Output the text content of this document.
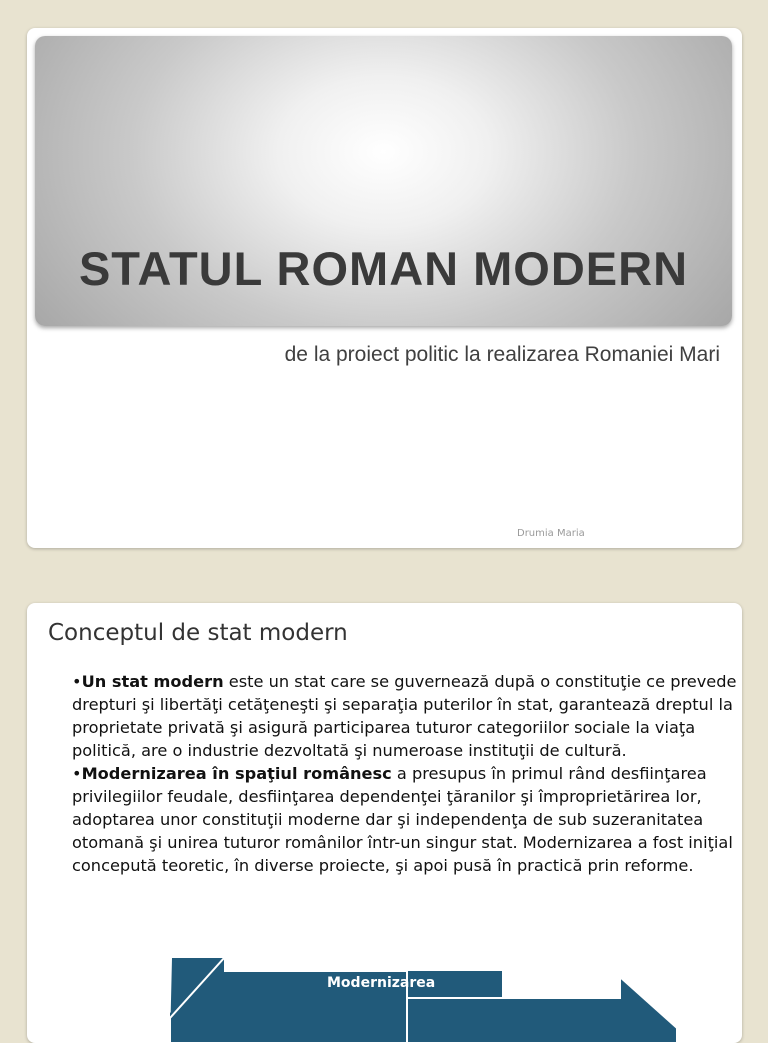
STATUL ROMAN MODERN

de la proiect politic la realizarea Romaniei Mari

Drumia Maria

Conceptul de stat modern

•Un stat modern este un stat care se guvernează după o constituţie ce prevede drepturi şi libertăţi cetăţeneşti şi separaţia puterilor în stat, garantează dreptul la proprietate privată şi asigură participarea tuturor categoriilor sociale la viaţa politică, are o industrie dezvoltată şi numeroase instituţii de cultură.

•Modernizarea în spaţiul românesc a presupus în primul rând desfiinţarea privilegiilor feudale, desfiinţarea dependenţei ţăranilor şi împroprietărirea lor, adoptarea unor constituţii moderne dar şi independenţa de sub suzeranitatea otomană şi unirea tuturor românilor într-un singur stat. Modernizarea a fost iniţial concepută teoretic, în diverse proiecte, şi apoi pusă în practică prin reforme.

Modernizarea
